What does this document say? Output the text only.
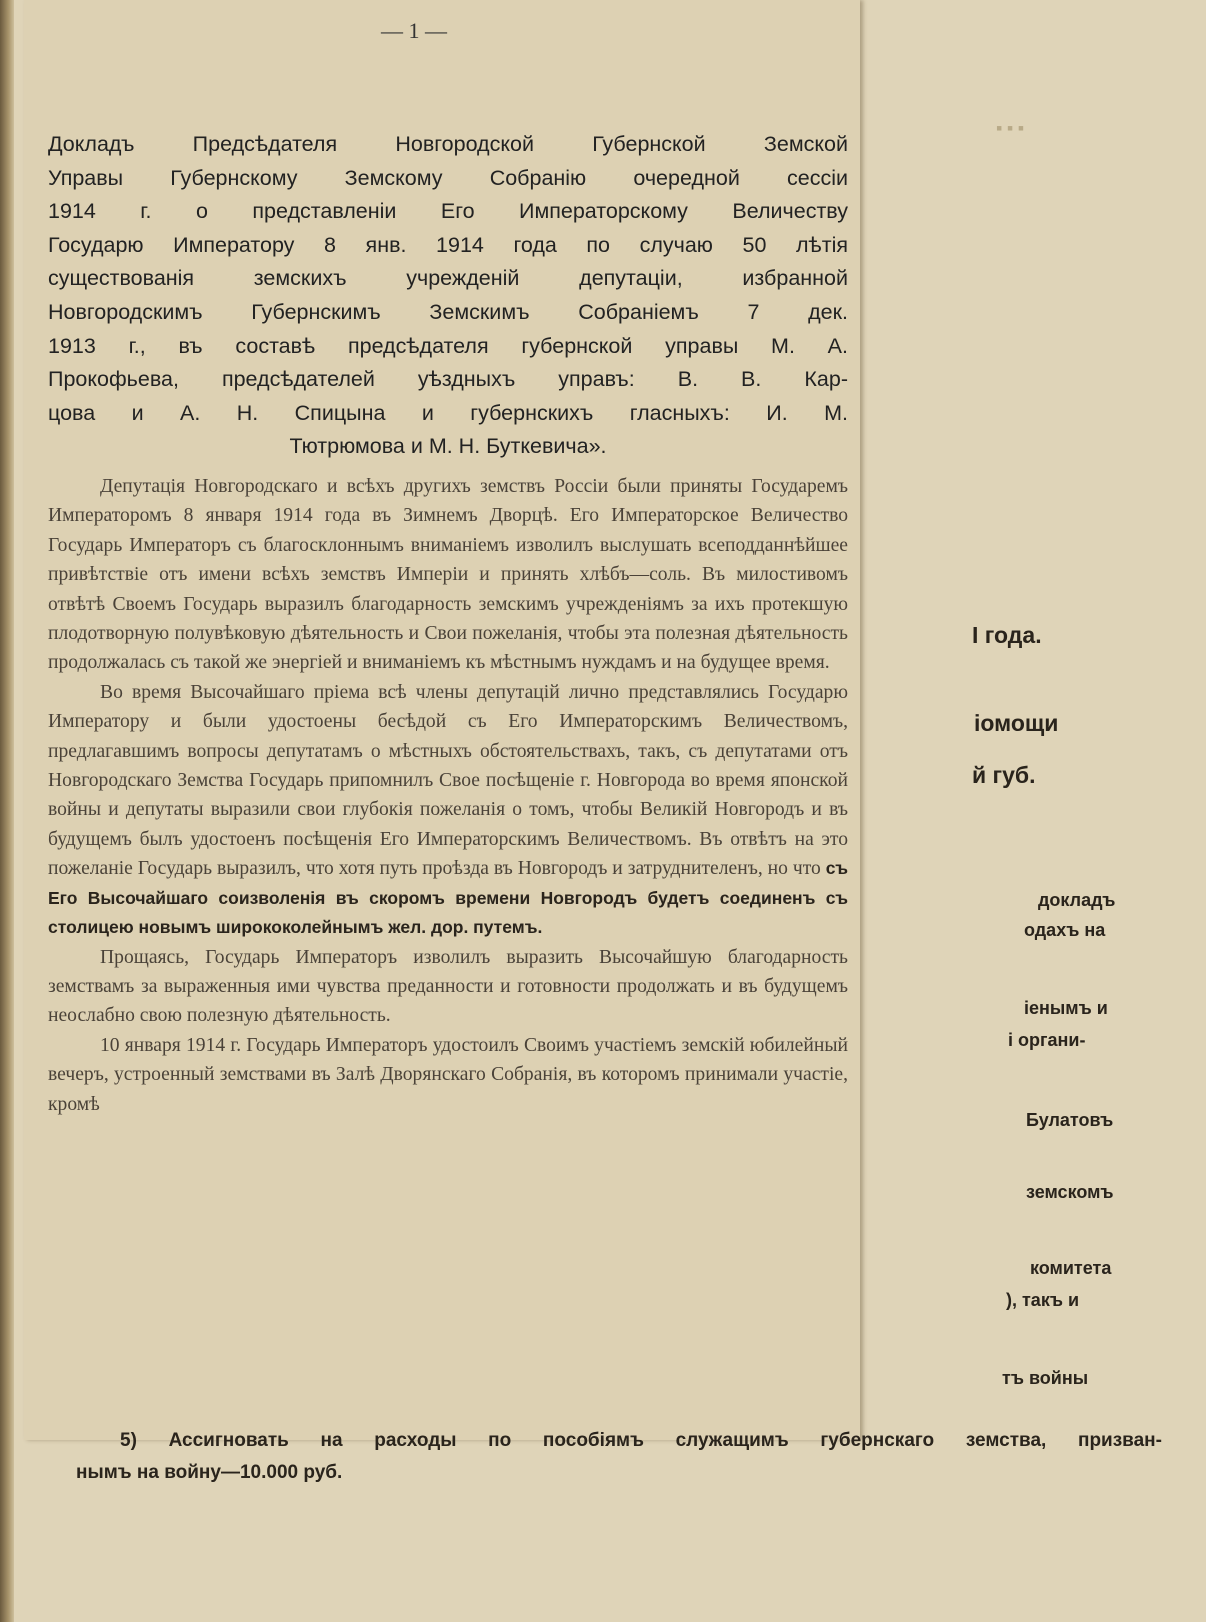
▪ ▪ ▪
I года.
іомощи
й губ.
докладъ
одахъ на
іенымъ и
і органи-
Булатовъ
земскомъ
комитета
), такъ и
тъ войны
— 1 —
Докладъ Предсѣдателя Новгородской Губернской Земской
Управы Губернскому Земскому Собранію очередной сессіи
1914 г. о представленіи Его Императорскому Величеству
Государю Императору 8 янв. 1914 года по случаю 50 лѣтія
существованія земскихъ учрежденій депутаціи, избранной
Новгородскимъ Губернскимъ Земскимъ Собраніемъ 7 дек.
1913 г., въ составѣ предсѣдателя губернской управы М. А.
Прокофьева, предсѣдателей уѣздныхъ управъ: В. В. Кар-
цова и А. Н. Спицына и губернскихъ гласныхъ: И. М.
Тютрюмова и М. Н. Буткевича».

Депутація Новгородскаго и всѣхъ другихъ земствъ Россіи были приняты Государемъ Императоромъ 8 января 1914 года въ Зимнемъ Дворцѣ. Его Императорское Величество Государь Императоръ съ благосклоннымъ вниманіемъ изволилъ выслушать всеподданнѣйшее привѣтствіе отъ имени всѣхъ земствъ Имперіи и принять хлѣбъ—соль. Въ милостивомъ отвѣтѣ Своемъ Государь выразилъ благодарность земскимъ учрежденіямъ за ихъ протекшую плодотворную полувѣковую дѣятельность и Свои пожеланія, чтобы эта полезная дѣятельность продолжалась съ такой же энергіей и вниманіемъ къ мѣстнымъ нуждамъ и на будущее время.

Во время Высочайшаго пріема всѣ члены депутацій лично представлялись Государю Императору и были удостоены бесѣдой съ Его Императорскимъ Величествомъ, предлагавшимъ вопросы депутатамъ о мѣстныхъ обстоятельствахъ, такъ, съ депутатами отъ Новгородскаго Земства Государь припомнилъ Свое посѣщеніе г. Новгорода во время японской войны и депутаты выразили свои глубокія пожеланія о томъ, чтобы Великій Новгородъ и въ будущемъ былъ удостоенъ посѣщенія Его Императорскимъ Величествомъ. Въ отвѣтъ на это пожеланіе Государь выразилъ, что хотя путь проѣзда въ Новгородъ и затруднителенъ, но что съ Его Высочайшаго соизволенія въ скоромъ времени Новгородъ будетъ соединенъ съ столицею новымъ ширококолейнымъ жел. дор. путемъ.

Прощаясь, Государь Императоръ изволилъ выразить Высочайшую благодарность земствамъ за выраженныя ими чувства преданности и готовности продолжать и въ будущемъ неослабно свою полезную дѣятельность.

10 января 1914 г. Государь Императоръ удостоилъ Своимъ участіемъ земскій юбилейный вечеръ, устроенный земствами въ Залѣ Дворянскаго Собранія, въ которомъ принимали участіе, кромѣ

5) Ассигновать на расходы по пособіямъ служащимъ губернскаго земства, призван-
нымъ на войну—10.000 руб.
